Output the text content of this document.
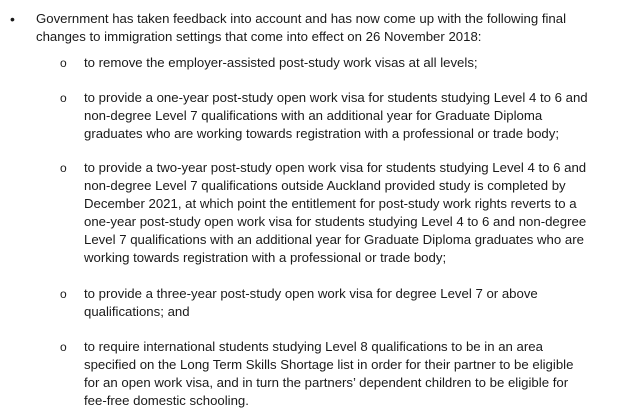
• Government has taken feedback into account and has now come up with the following final
changes to immigration settings that come into effect on 26 November 2018:
o to remove the employer-assisted post-study work visas at all levels;
o to provide a one-year post-study open work visa for students studying Level 4 to 6 and
non-degree Level 7 qualifications with an additional year for Graduate Diploma
graduates who are working towards registration with a professional or trade body;
o to provide a two-year post-study open work visa for students studying Level 4 to 6 and
non-degree Level 7 qualifications outside Auckland provided study is completed by
December 2021, at which point the entitlement for post-study work rights reverts to a
one-year post-study open work visa for students studying Level 4 to 6 and non-degree
Level 7 qualifications with an additional year for Graduate Diploma graduates who are
working towards registration with a professional or trade body;
o to provide a three-year post-study open work visa for degree Level 7 or above
qualifications; and
o to require international students studying Level 8 qualifications to be in an area
specified on the Long Term Skills Shortage list in order for their partner to be eligible
for an open work visa, and in turn the partners’ dependent children to be eligible for
fee-free domestic schooling.
